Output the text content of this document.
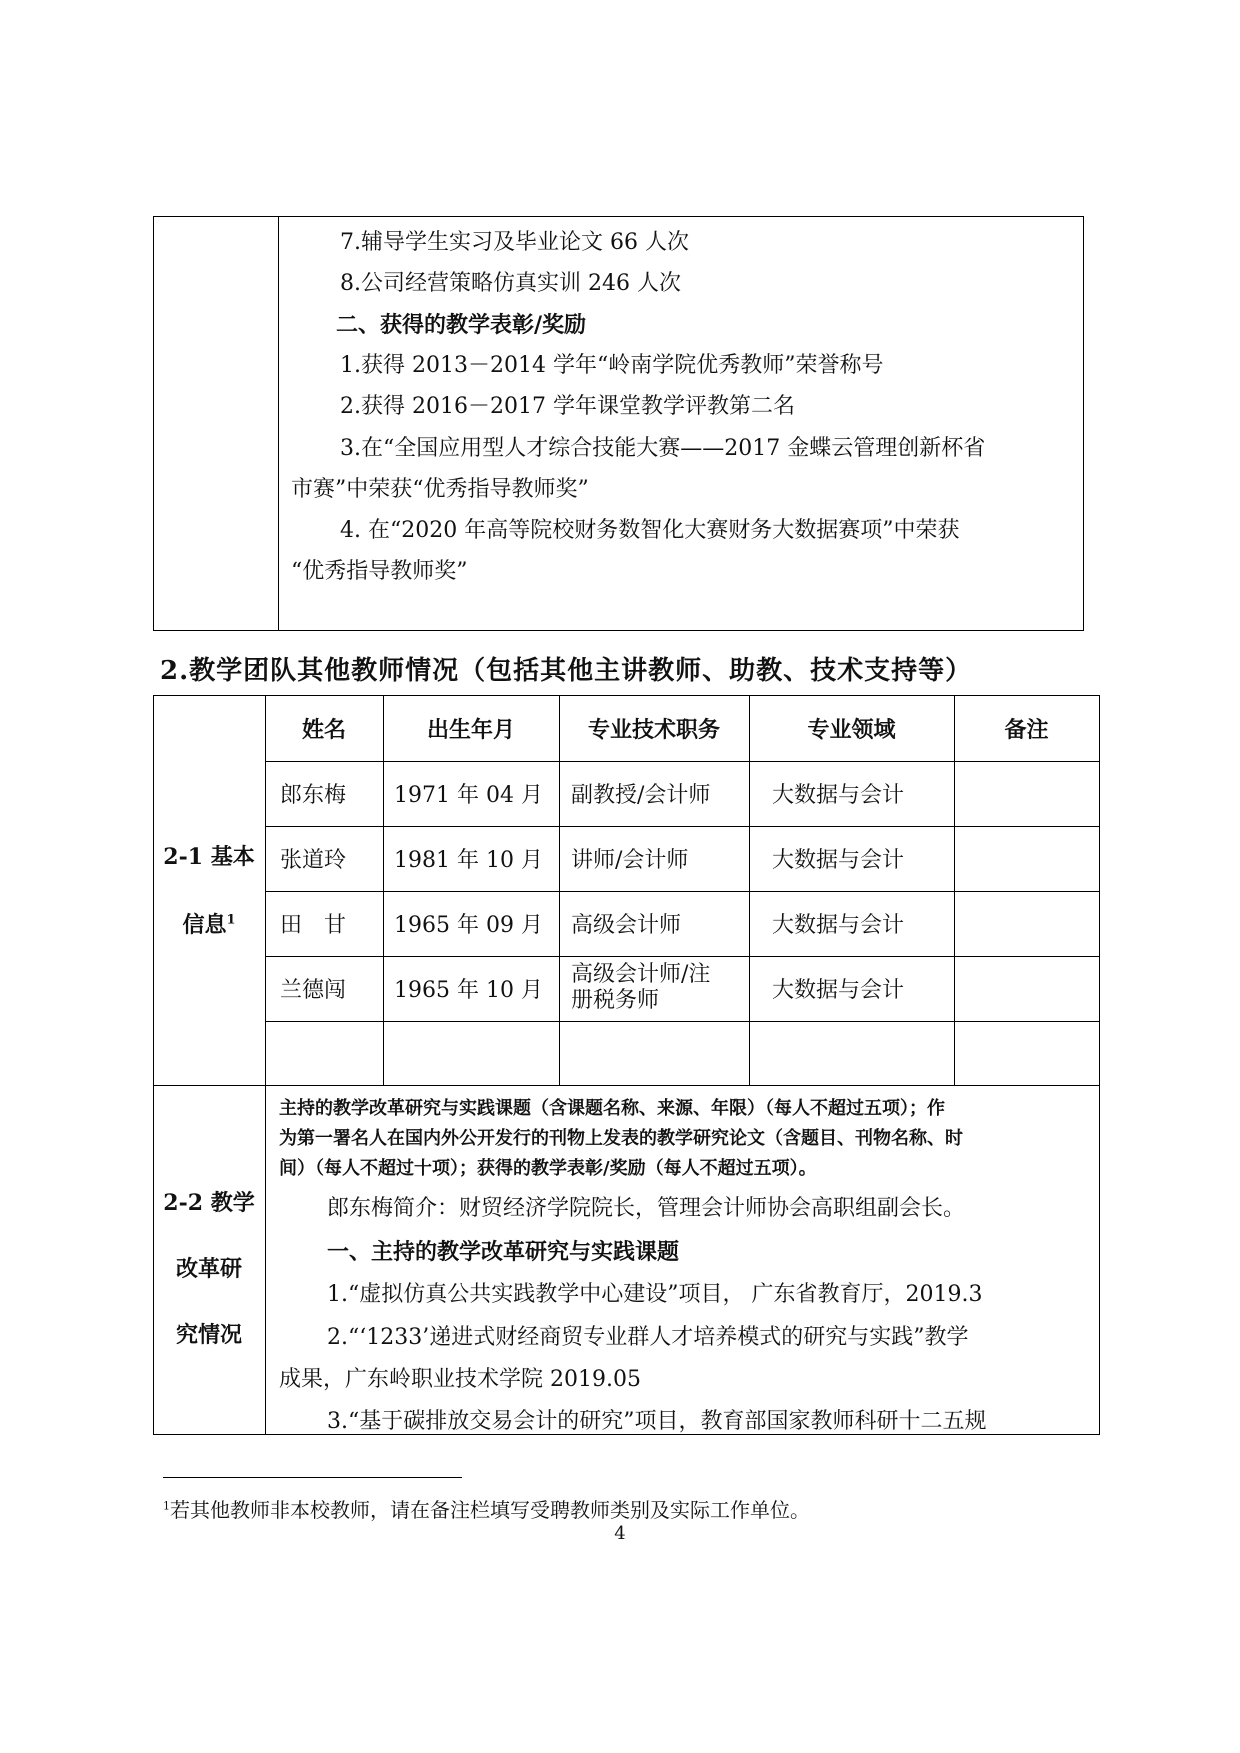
7.辅导学生实习及毕业论文 66 人次
8.公司经营策略仿真实训 246 人次
二、获得的教学表彰/奖励
1.获得 2013－2014 学年“岭南学院优秀教师”荣誉称号
2.获得 2016－2017 学年课堂教学评教第二名
3.在“全国应用型人才综合技能大赛——2017 金蝶云管理创新杯省
市赛”中荣获“优秀指导教师奖”
4. 在“2020 年高等院校财务数智化大赛财务大数据赛项”中荣获
“优秀指导教师奖”
2.教学团队其他教师情况（包括其他主讲教师、助教、技术支持等）
2-1 基本
信息$^1$
姓名	出生年月	专业技术职务	专业领域	备注
郎东梅 1971 年 04 月 副教授/会计师	大数据与会计
张道玲 1981 年 10 月 讲师/会计师	大数据与会计
田　甘 1965 年 09 月 高级会计师	大数据与会计
兰德闯 1965 年 10 月
高级会计师/注
册税务师	大数据与会计
2-2 教学
改革研
究情况
主持的教学改革研究与实践课题（含课题名称、来源、年限）（每人不超过五项）；作
为第一署名人在国内外公开发行的刊物上发表的教学研究论文（含题目、刊物名称、时
间）（每人不超过十项）；获得的教学表彰/奖励（每人不超过五项）。
郎东梅简介：财贸经济学院院长，管理会计师协会高职组副会长。
一、主持的教学改革研究与实践课题
1.“虚拟仿真公共实践教学中心建设”项目， 广东省教育厅，2019.3
2.“‘1233’递进式财经商贸专业群人才培养模式的研究与实践”教学
成果，广东岭职业技术学院 2019.05
3.“基于碳排放交易会计的研究”项目，教育部国家教师科研十二五规
$^1$若其他教师非本校教师，请在备注栏填写受聘教师类别及实际工作单位。
4
